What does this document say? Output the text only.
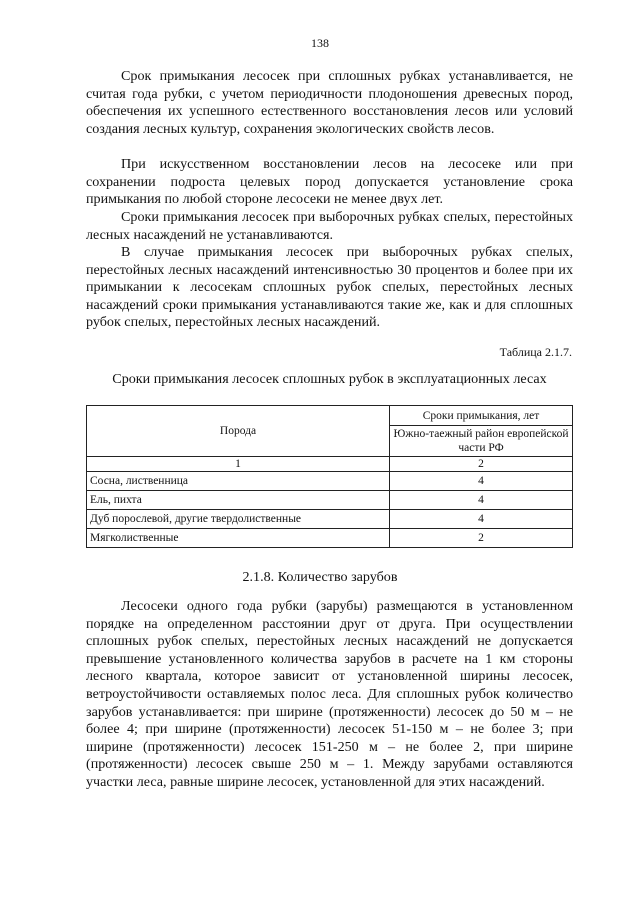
138

Срок примыкания лесосек при сплошных рубках устанавливается, не считая года рубки, с учетом периодичности плодоношения древесных пород, обеспечения их успешного естественного восстановления лесов или условий создания лесных культур, сохранения экологических свойств лесов.

При искусственном восстановлении лесов на лесосеке или при сохранении подроста целевых пород допускается установление срока примыкания по любой стороне лесосеки не менее двух лет.

Сроки примыкания лесосек при выборочных рубках спелых, перестойных лесных насаждений не устанавливаются.

В случае примыкания лесосек при выборочных рубках спелых, перестойных лесных насаждений интенсивностью 30 процентов и более при их примыкании к лесосекам сплошных рубок спелых, перестойных лесных насаждений сроки примыкания устанавливаются такие же, как и для сплошных рубок спелых, перестойных лесных насаждений.

Таблица 2.1.7.
Сроки примыкания лесосек сплошных рубок в эксплуатационных лесах
Порода	Сроки примыкания, лет
	Южно-таежный район европейской части РФ
1	2
Сосна, лиственница	4
Ель, пихта	4
Дуб порослевой, другие твердолиственные	4
Мягколиственные	2
2.1.8. Количество зарубов

Лесосеки одного года рубки (зарубы) размещаются в установленном порядке на определенном расстоянии друг от друга. При осуществлении сплошных рубок спелых, перестойных лесных насаждений не допускается превышение установленного количества зарубов в расчете на 1 км стороны лесного квартала, которое зависит от установленной ширины лесосек, ветроустойчивости оставляемых полос леса. Для сплошных рубок количество зарубов устанавливается: при ширине (протяженности) лесосек до 50 м – не более 4; при ширине (протяженности) лесосек 51-150 м – не более 3; при ширине (протяженности) лесосек 151-250 м – не более 2, при ширине (протяженности) лесосек свыше 250 м – 1. Между зарубами оставляются участки леса, равные ширине лесосек, установленной для этих насаждений.
